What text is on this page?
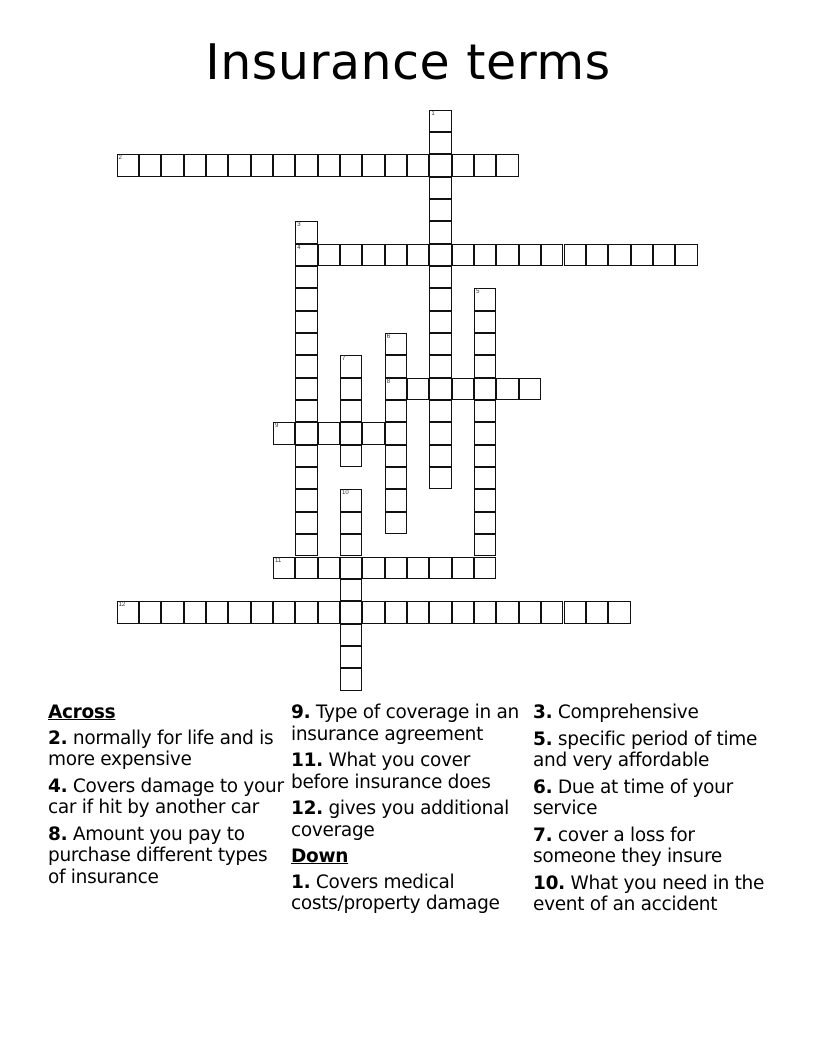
Insurance terms
1
2
3
4
5
6
8
7
9
10
11
12
Across
2. normally for life and is more expensive
4. Covers damage to your car if hit by another car
8. Amount you pay to purchase different types of insurance
9. Type of coverage in an insurance agreement
11. What you cover before insurance does
12. gives you additional coverage
Down
1. Covers medical costs/property damage
3. Comprehensive
5. specific period of time and very affordable
6. Due at time of your service
7. cover a loss for someone they insure
10. What you need in the event of an accident
